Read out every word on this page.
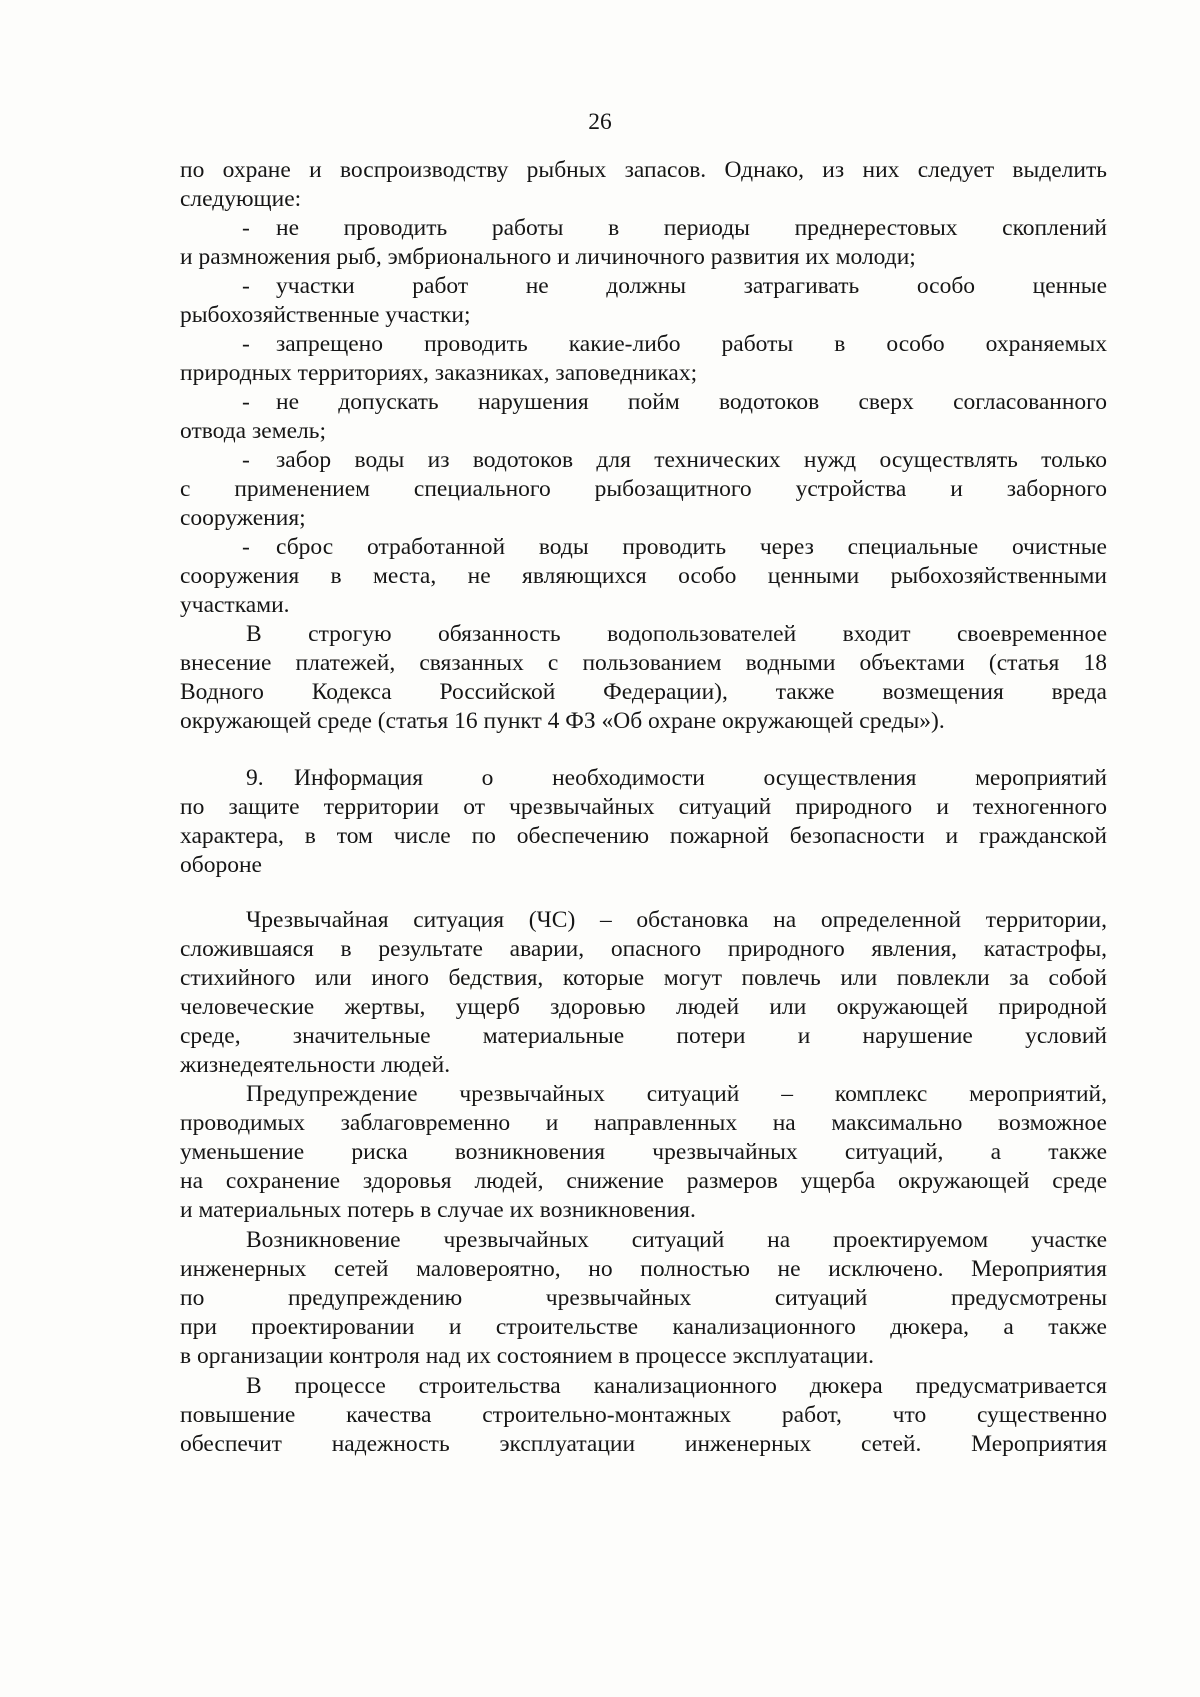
26
по охране и воспроизводству рыбных запасов. Однако, из них следует выделить
следующие:
- не проводить работы в периоды преднерестовых скоплений
и размножения рыб, эмбрионального и личиночного развития их молоди;
- участки работ не должны затрагивать особо ценные
рыбохозяйственные участки;
- запрещено проводить какие-либо работы в особо охраняемых
природных территориях, заказниках, заповедниках;
- не допускать нарушения пойм водотоков сверх согласованного
отвода земель;
- забор воды из водотоков для технических нужд осуществлять только
с применением специального рыбозащитного устройства и заборного
сооружения;
- сброс отработанной воды проводить через специальные очистные
сооружения в места, не являющихся особо ценными рыбохозяйственными
участками.
В строгую обязанность водопользователей входит своевременное
внесение платежей, связанных с пользованием водными объектами (статья 18
Водного Кодекса Российской Федерации), также возмещения вреда
окружающей среде (статья 16 пункт 4 ФЗ «Об охране окружающей среды»).
9. Информация о необходимости осуществления мероприятий
по защите территории от чрезвычайных ситуаций природного и техногенного
характера, в том числе по обеспечению пожарной безопасности и гражданской
обороне
Чрезвычайная ситуация (ЧС) – обстановка на определенной территории,
сложившаяся в результате аварии, опасного природного явления, катастрофы,
стихийного или иного бедствия, которые могут повлечь или повлекли за собой
человеческие жертвы, ущерб здоровью людей или окружающей природной
среде, значительные материальные потери и нарушение условий
жизнедеятельности людей.
Предупреждение чрезвычайных ситуаций – комплекс мероприятий,
проводимых заблаговременно и направленных на максимально возможное
уменьшение риска возникновения чрезвычайных ситуаций, а также
на сохранение здоровья людей, снижение размеров ущерба окружающей среде
и материальных потерь в случае их возникновения.
Возникновение чрезвычайных ситуаций на проектируемом участке
инженерных сетей маловероятно, но полностью не исключено. Мероприятия
по предупреждению чрезвычайных ситуаций предусмотрены
при проектировании и строительстве канализационного дюкера, а также
в организации контроля над их состоянием в процессе эксплуатации.
В процессе строительства канализационного дюкера предусматривается
повышение качества строительно-монтажных работ, что существенно
обеспечит надежность эксплуатации инженерных сетей. Мероприятия
